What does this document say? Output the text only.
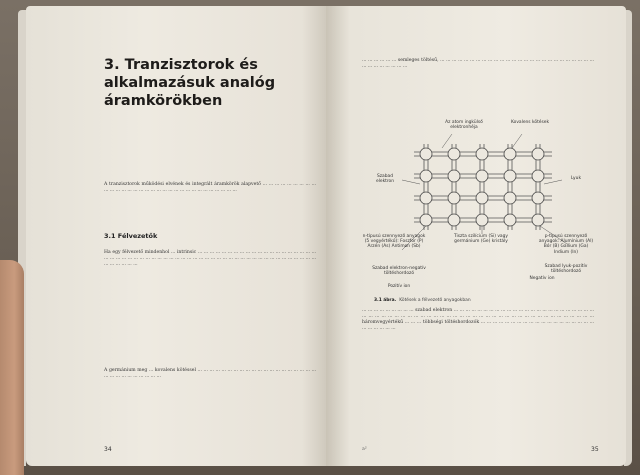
3. Tranzisztorok és alkalmazásuk analóg áramkörökben

A tranzisztorok működési elvének és integrált áramkörök alapvető ... ... ... ... ... ... ... ... ... ... ... ... ... ... ... ... ... ... ... ... ... ... ... ... ... ... ... ... ... ... ... ...

3.1 Félvezetők

Ha egy félvezető mindenhol ... intrinsic ... ... ... ... ... ... ... ... ... ... ... ... ... ... ... ... ... ... ... ... ... ... ... ... ... ... ... ... ... ... ... ... ... ... ... ... ... ... ... ... ... ... ... ... ... ... ... ... ... ... ... ... ... ... ... ... ... ... ... ... ... ...

A germánium meg ... kovalens kötéssel ... ... ... ... ... ... ... ... ... ... ... ... ... ... ... ... ... ... ... ... ... ... ... ... ... ... ... ... ... ...

34

... ... ... ... ... ... semleges töltésű, ... ... ... ... ... ... ... ... ... ... ... ... ... ... ... ... ... ... ... ... ... ... ... ... ... ... ... ... ... ... ... ... ... ...

Az atom ingkülső elektronhéja
Kovalens kötések
Szabad elektron
Lyuk
n-típusú szennyező anyagok (5 vegyértékű): Foszfor (P) Arzén (As) Antimon (Sb)
Tiszta szilícium (Si) vagy germánium (Ge) kristály
p-típusú szennyező anyagok: Alumínium (Al) Bór (B) Gallium (Ga) Indium (In)
Szabad elektron-negatív töltéshordozó
Pozitív ion
Negatív ion
Szabad lyuk-pozitív töltéshordozó
3.1 ábra. Kötések a félvezető anyagokban

... ... ... ... ... ... ... ... ... szabad elektron ... ... ... ... ... ... ... ... ... ... ... ... ... ... ... ... ... ... ... ... ... ... ... ... ... ... ... ... ... ... ... ... ... ... ... ... ... ... ... ... ... ... ... ... ... ... ... ... ... ... ... ... ... ... ... ... ... ... ... ... háromvegyértékű ... ... ... többségi töltéshordozók ... ... ... ... ... ... ... ... ... ... ... ... ... ... ... ... ... ... ... ... ... ... ... ... ...

a²	35
